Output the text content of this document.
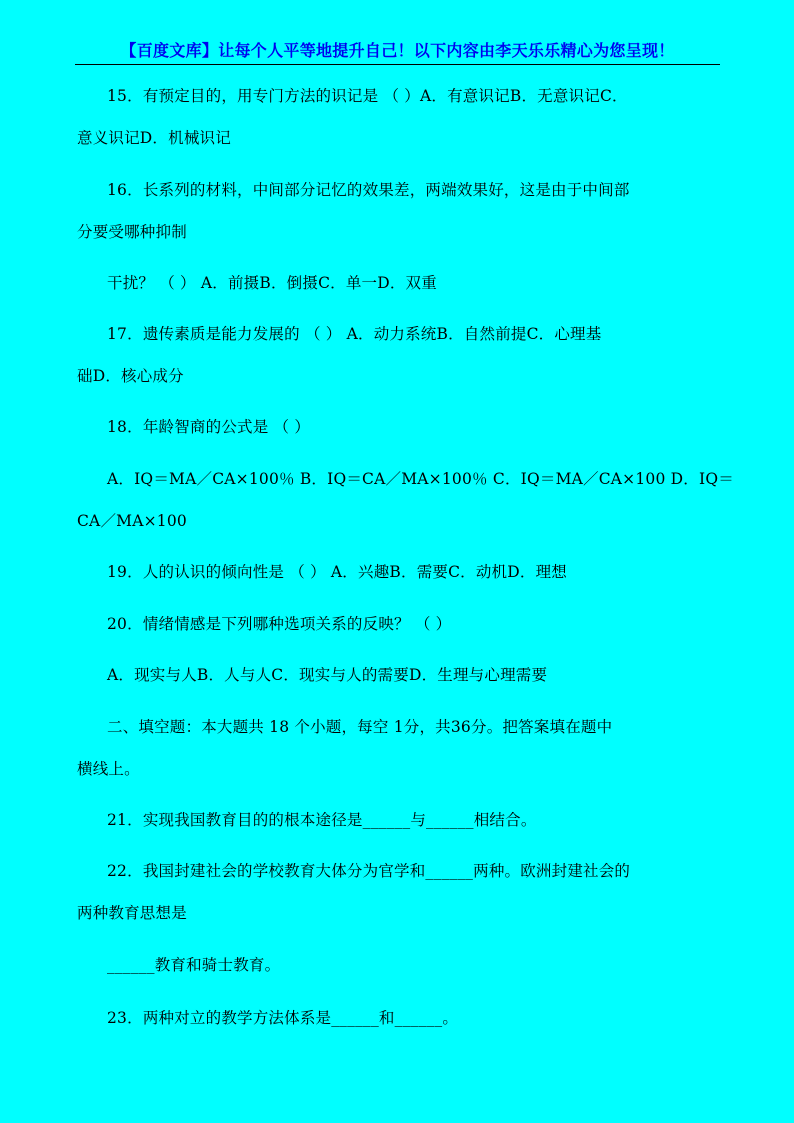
【百度文库】让每个人平等地提升自己！以下内容由李天乐乐精心为您呈现！
15．有预定目的，用专门方法的识记是 （ ）A．有意识记B．无意识记C．
意义识记D．机械识记
16．长系列的材料，中间部分记忆的效果差，两端效果好，这是由于中间部
分要受哪种抑制
干扰？ （ ） A．前摄B．倒摄C．单一D．双重
17．遗传素质是能力发展的 （ ） A．动力系统B．自然前提C．心理基
础D．核心成分
18．年龄智商的公式是 （ ）
A．IQ＝MA／CA×100％ B．IQ＝CA／MA×100％ C．IQ＝MA／CA×100 D．IQ＝
CA／MA×100
19．人的认识的倾向性是 （ ） A．兴趣B．需要C．动机D．理想
20．情绪情感是下列哪种选项关系的反映？ （ ）
A．现实与人B．人与人C．现实与人的需要D．生理与心理需要
二、填空题：本大题共 18 个小题，每空 1分，共36分。把答案填在题中
横线上。
21．实现我国教育目的的根本途径是______与______相结合。
22．我国封建社会的学校教育大体分为官学和______两种。欧洲封建社会的
两种教育思想是
______教育和骑士教育。
23．两种对立的教学方法体系是______和______。
